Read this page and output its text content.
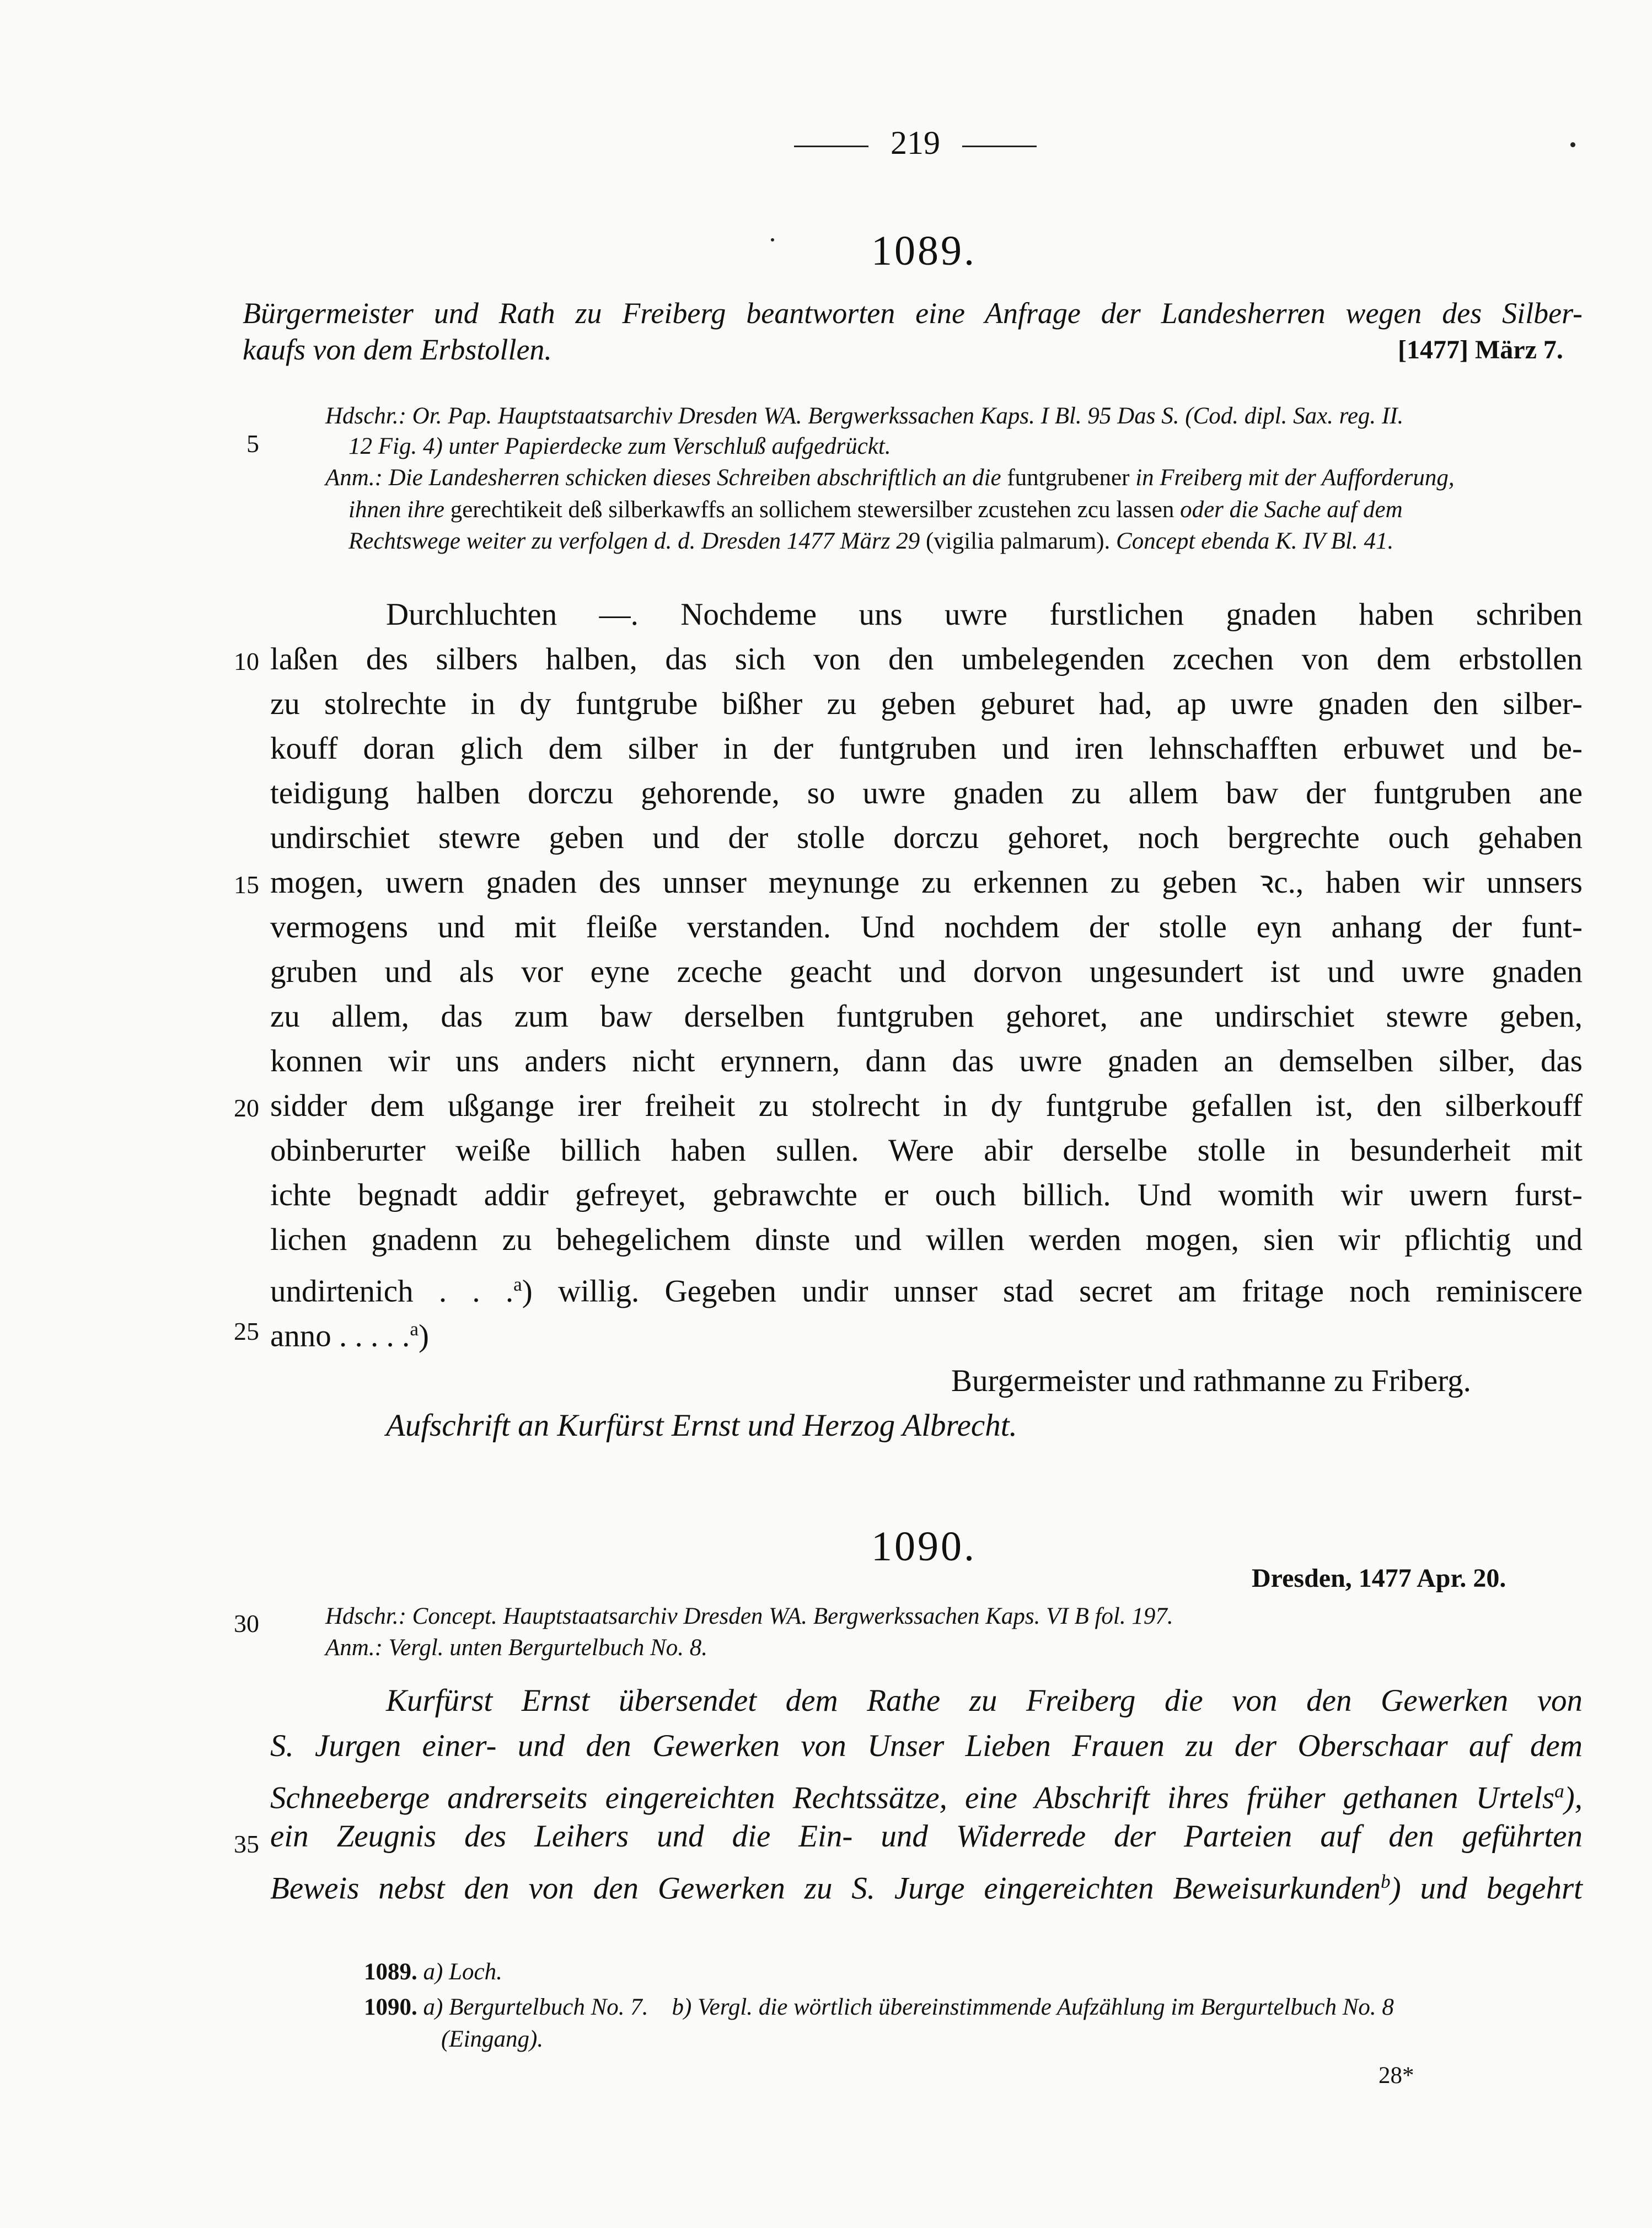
219
1089.
Bürgermeister und Rath zu Freiberg beantworten eine Anfrage der Landesherren wegen des Silber-
kaufs von dem Erbstollen.	[1477] März 7.
Hdschr.: Or. Pap. Hauptstaatsarchiv Dresden WA. Bergwerkssachen Kaps. I Bl. 95 Das S. (Cod. dipl. Sax. reg. II.
12 Fig. 4) unter Papierdecke zum Verschluß aufgedrückt.
Anm.: Die Landesherren schicken dieses Schreiben abschriftlich an die funtgrubener in Freiberg mit der Aufforderung,
ihnen ihre gerechtikeit deß silberkawffs an sollichem stewersilber zcustehen zcu lassen oder die Sache auf dem
Rechtswege weiter zu verfolgen d. d. Dresden 1477 März 29 (vigilia palmarum). Concept ebenda K. IV Bl. 41.
5
10
15
20
25
30
35
Durchluchten —. Nochdeme uns uwre furstlichen gnaden haben schriben
laßen des silbers halben, das sich von den umbelegenden zcechen von dem erbstollen
zu stolrechte in dy funtgrube bißher zu geben geburet had, ap uwre gnaden den silber-
kouff doran glich dem silber in der funtgruben und iren lehnschafften erbuwet und be-
teidigung halben dorczu gehorende, so uwre gnaden zu allem baw der funtgruben ane
undirschiet stewre geben und der stolle dorczu gehoret, noch bergrechte ouch gehaben
mogen, uwern gnaden des unnser meynunge zu erkennen zu geben ꝛc., haben wir unnsers
vermogens und mit fleiße verstanden. Und nochdem der stolle eyn anhang der funt-
gruben und als vor eyne zceche geacht und dorvon ungesundert ist und uwre gnaden
zu allem, das zum baw derselben funtgruben gehoret, ane undirschiet stewre geben,
konnen wir uns anders nicht erynnern, dann das uwre gnaden an demselben silber, das
sidder dem ußgange irer freiheit zu stolrecht in dy funtgrube gefallen ist, den silberkouff
obinberurter weiße billich haben sullen. Were abir derselbe stolle in besunderheit mit
ichte begnadt addir gefreyet, gebrawchte er ouch billich. Und womith wir uwern furst-
lichen gnadenn zu behegelichem dinste und willen werden mogen, sien wir pflichtig und
undirtenich . . .$^a$) willig. Gegeben undir unnser stad secret am fritage noch reminiscere
anno . . . . .$^a$)
Burgermeister und rathmanne zu Friberg.
Aufschrift an Kurfürst Ernst und Herzog Albrecht.
1090.
Dresden, 1477 Apr. 20.
Hdschr.: Concept. Hauptstaatsarchiv Dresden WA. Bergwerkssachen Kaps. VI B fol. 197.
Anm.: Vergl. unten Bergurtelbuch No. 8.
Kurfürst Ernst übersendet dem Rathe zu Freiberg die von den Gewerken von
S. Jurgen einer- und den Gewerken von Unser Lieben Frauen zu der Oberschaar auf dem
Schneeberge andrerseits eingereichten Rechtssätze, eine Abschrift ihres früher gethanen Urtels$^a$),
ein Zeugnis des Leihers und die Ein- und Widerrede der Parteien auf den geführten
Beweis nebst den von den Gewerken zu S. Jurge eingereichten Beweisurkunden$^b$) und begehrt
1089. a) Loch.
1090. a) Bergurtelbuch No. 7. b) Vergl. die wörtlich übereinstimmende Aufzählung im Bergurtelbuch No. 8
(Eingang).
28*
